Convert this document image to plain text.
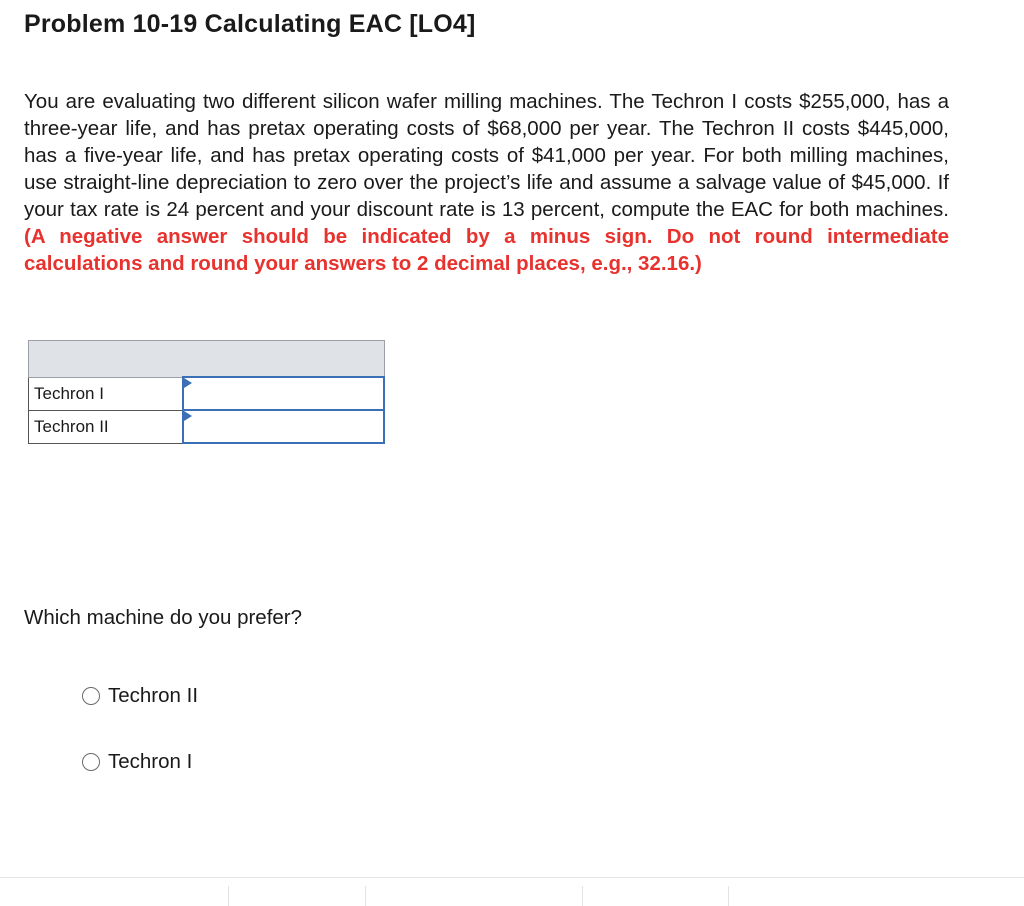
Problem 10-19 Calculating EAC [LO4]

You are evaluating two different silicon wafer milling machines. The Techron I costs $255,000, has a three-year life, and has pretax operating costs of $68,000 per year. The Techron II costs $445,000, has a five-year life, and has pretax operating costs of $41,000 per year. For both milling machines, use straight-line depreciation to zero over the project’s life and assume a salvage value of $45,000. If your tax rate is 24 percent and your discount rate is 13 percent, compute the EAC for both machines. (A negative answer should be indicated by a minus sign. Do not round intermediate calculations and round your answers to 2 decimal places, e.g., 32.16.)

Techron I	

Techron II	

Which machine do you prefer?

Techron II
Techron I
